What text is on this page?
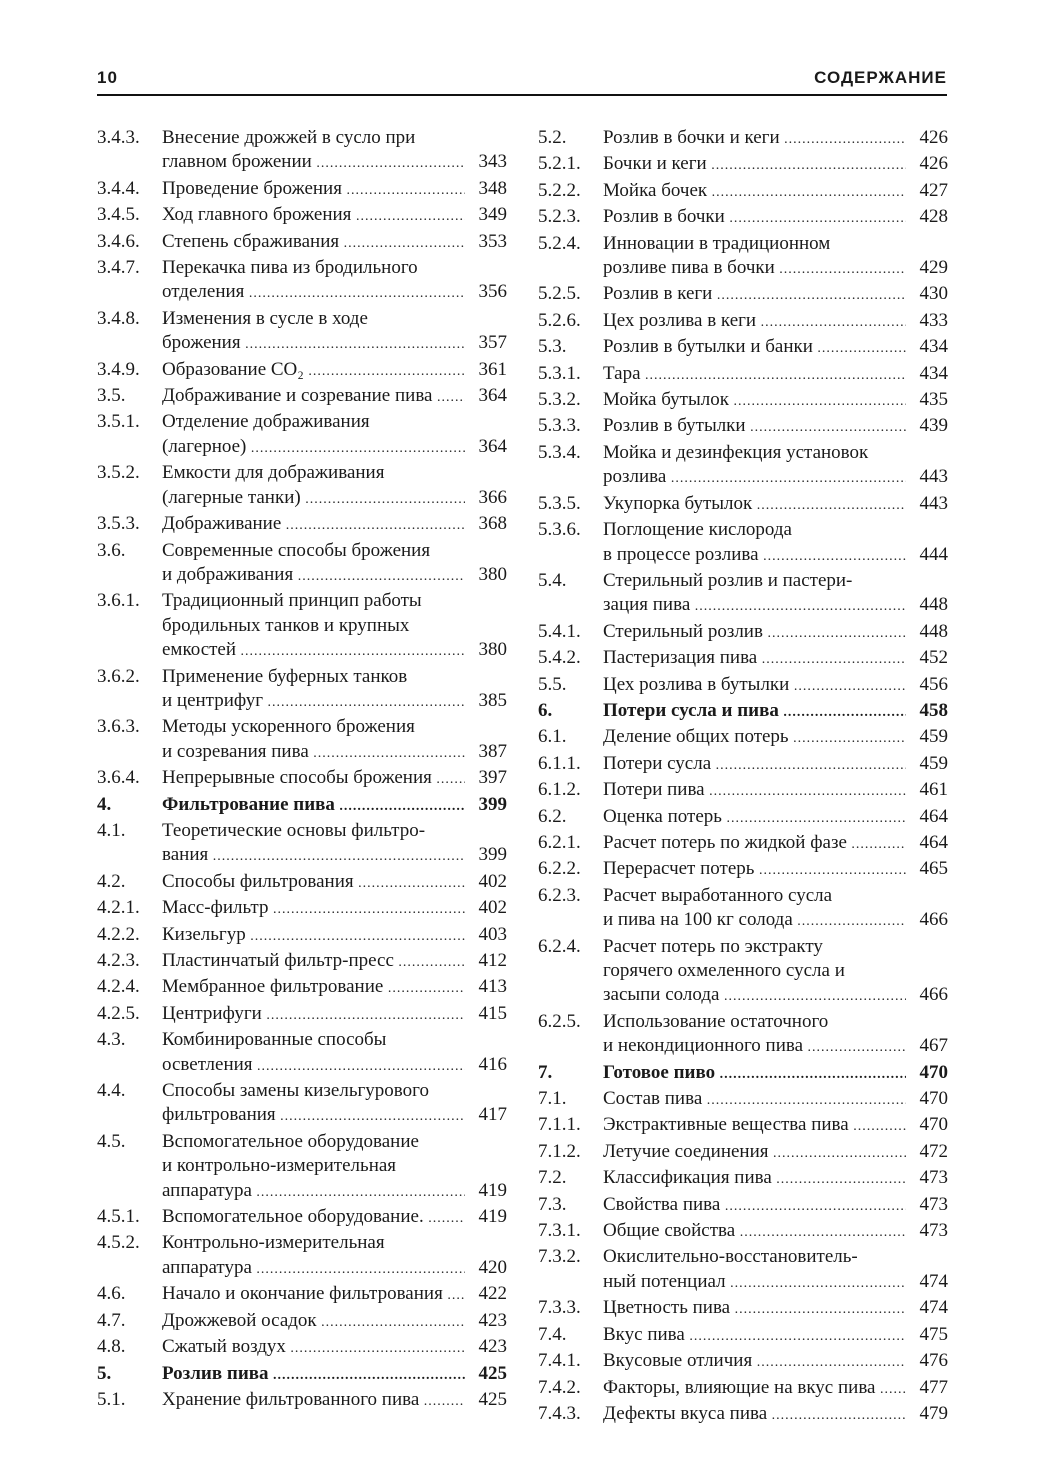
10	СОДЕРЖАНИЕ
3.4.3.	Внесение дрожжей в сусло при
главном брожении .....	343
3.4.4.	Проведение брожения .....	348
3.4.5.	Ход главного брожения .....	349
3.4.6.	Степень сбраживания .....	353
3.4.7.	Перекачка пива из бродильного
отделения .....	356
3.4.8.	Изменения в сусле в ходе
брожения .....	357
3.4.9.	Образование CO₂ .....	361
3.5.	Дображивание и созревание пива .....	364
3.5.1.	Отделение дображивания
(лагерное) .....	364
3.5.2.	Емкости для дображивания
(лагерные танки) .....	366
3.5.3.	Дображивание .....	368
3.6.	Современные способы брожения
и дображивания .....	380
3.6.1.	Традиционный принцип работы
бродильных танков и крупных
емкостей .....	380
3.6.2.	Применение буферных танков
и центрифуг .....	385
3.6.3.	Методы ускоренного брожения
и созревания пива .....	387
3.6.4.	Непрерывные способы брожения .....	397
4.	Фильтрование пива .....	399
4.1.	Теоретические основы фильтро-
вания .....	399
4.2.	Способы фильтрования .....	402
4.2.1.	Масс-фильтр .....	402
4.2.2.	Кизельгур .....	403
4.2.3.	Пластинчатый фильтр-пресс .....	412
4.2.4.	Мембранное фильтрование .....	413
4.2.5.	Центрифуги .....	415
4.3.	Комбинированные способы
осветления .....	416
4.4.	Способы замены кизельгурового
фильтрования .....	417
4.5.	Вспомогательное оборудование
и контрольно-измерительная
аппаратура .....	419
4.5.1.	Вспомогательное оборудование. .....	419
4.5.2.	Контрольно-измерительная
аппаратура .....	420
4.6.	Начало и окончание фильтрования .....	422
4.7.	Дрожжевой осадок .....	423
4.8.	Сжатый воздух .....	423
5.	Розлив пива .....	425
5.1.	Хранение фильтрованного пива .....	425
5.2.	Розлив в бочки и кеги .....	426
5.2.1.	Бочки и кеги .....	426
5.2.2.	Мойка бочек .....	427
5.2.3.	Розлив в бочки .....	428
5.2.4.	Инновации в традиционном
розливе пива в бочки .....	429
5.2.5.	Розлив в кеги .....	430
5.2.6.	Цех розлива в кеги .....	433
5.3.	Розлив в бутылки и банки .....	434
5.3.1.	Тара .....	434
5.3.2.	Мойка бутылок .....	435
5.3.3.	Розлив в бутылки .....	439
5.3.4.	Мойка и дезинфекция установок
розлива .....	443
5.3.5.	Укупорка бутылок .....	443
5.3.6.	Поглощение кислорода
в процессе розлива .....	444
5.4.	Стерильный розлив и пастери-
зация пива .....	448
5.4.1.	Стерильный розлив .....	448
5.4.2.	Пастеризация пива .....	452
5.5.	Цех розлива в бутылки .....	456
6.	Потери сусла и пива .....	458
6.1.	Деление общих потерь .....	459
6.1.1.	Потери сусла .....	459
6.1.2.	Потери пива .....	461
6.2.	Оценка потерь .....	464
6.2.1.	Расчет потерь по жидкой фазе .....	464
6.2.2.	Перерасчет потерь .....	465
6.2.3.	Расчет выработанного сусла
и пива на 100 кг солода .....	466
6.2.4.	Расчет потерь по экстракту
горячего охмеленного сусла и
засыпи солода .....	466
6.2.5.	Использование остаточного
и некондиционного пива .....	467
7.	Готовое пиво .....	470
7.1.	Состав пива .....	470
7.1.1.	Экстрактивные вещества пива .....	470
7.1.2.	Летучие соединения .....	472
7.2.	Классификация пива .....	473
7.3.	Свойства пива .....	473
7.3.1.	Общие свойства .....	473
7.3.2.	Окислительно-восстановитель-
ный потенциал .....	474
7.3.3.	Цветность пива .....	474
7.4.	Вкус пива .....	475
7.4.1.	Вкусовые отличия .....	476
7.4.2.	Факторы, влияющие на вкус пива .....	477
7.4.3.	Дефекты вкуса пива .....	479
